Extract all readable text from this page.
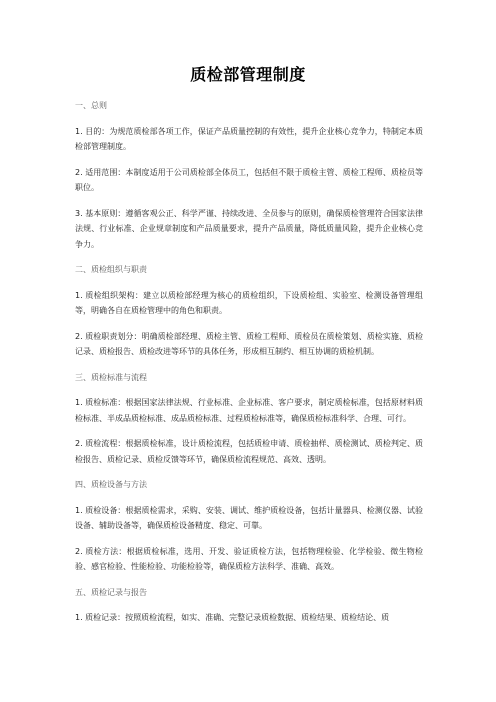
质检部管理制度
一、总则
1. 目的：为规范质检部各项工作，保证产品质量控制的有效性，提升企业核心竞争力，特制定本质检部管理制度。
2. 适用范围：本制度适用于公司质检部全体员工，包括但不限于质检主管、质检工程师、质检员等职位。
3. 基本原则：遵循客观公正、科学严谨、持续改进、全员参与的原则，确保质检管理符合国家法律法规、行业标准、企业规章制度和产品质量要求，提升产品质量，降低质量风险，提升企业核心竞争力。
二、质检组织与职责
1. 质检组织架构：建立以质检部经理为核心的质检组织，下设质检组、实验室、检测设备管理组等，明确各自在质检管理中的角色和职责。
2. 质检职责划分：明确质检部经理、质检主管、质检工程师、质检员在质检策划、质检实施、质检记录、质检报告、质检改进等环节的具体任务，形成相互制约、相互协调的质检机制。
三、质检标准与流程
1. 质检标准：根据国家法律法规、行业标准、企业标准、客户要求，制定质检标准，包括原材料质检标准、半成品质检标准、成品质检标准、过程质检标准等，确保质检标准科学、合理、可行。
2. 质检流程：根据质检标准，设计质检流程，包括质检申请、质检抽样、质检测试、质检判定、质检报告、质检记录、质检反馈等环节，确保质检流程规范、高效、透明。
四、质检设备与方法
1. 质检设备：根据质检需求，采购、安装、调试、维护质检设备，包括计量器具、检测仪器、试验设备、辅助设备等，确保质检设备精度、稳定、可靠。
2. 质检方法：根据质检标准，选用、开发、验证质检方法，包括物理检验、化学检验、微生物检验、感官检验、性能检验、功能检验等，确保质检方法科学、准确、高效。
五、质检记录与报告
1. 质检记录：按照质检流程，如实、准确、完整记录质检数据、质检结果、质检结论、质
